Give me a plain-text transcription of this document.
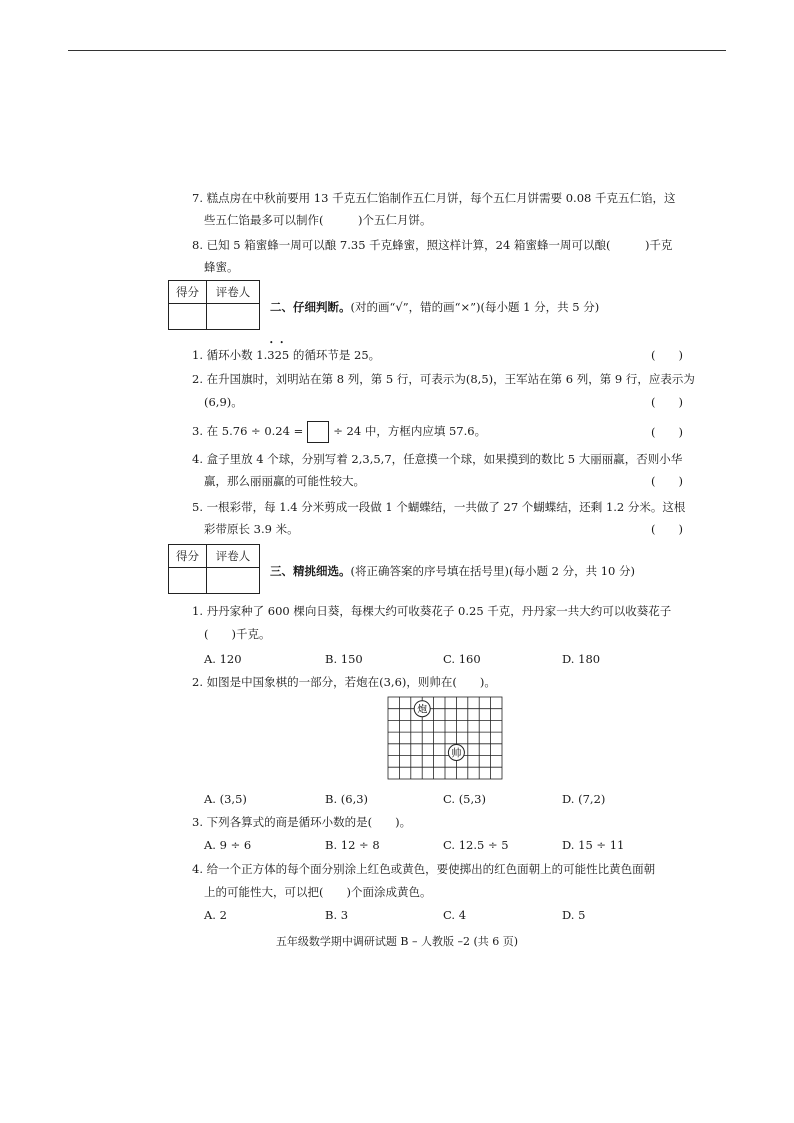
7. 糕点房在中秋前要用 13 千克五仁馅制作五仁月饼，每个五仁月饼需要 0.08 千克五仁馅，这
些五仁馅最多可以制作(　　　)个五仁月饼。
8. 已知 5 箱蜜蜂一周可以酿 7.35 千克蜂蜜，照这样计算，24 箱蜜蜂一周可以酿(　　　)千克
蜂蜜。
得分	评卷人
二、仔细判断。(对的画“√”，错的画“×”)(每小题 1 分，共 5 分)
1. 循环小数 1.• • 325 的循环节是 25。	(　　)
2. 在升国旗时，刘明站在第 8 列，第 5 行，可表示为(8,5)，王军站在第 6 列，第 9 行，应表示为
(6,9)。	(　　)
3. 在 5.76 ÷ 0.24 =	÷ 24 中，方框内应填 57.6。	(　　)
4. 盒子里放 4 个球，分别写着 2,3,5,7，任意摸一个球，如果摸到的数比 5 大丽丽赢，否则小华
赢，那么丽丽赢的可能性较大。	(　　)
5. 一根彩带，每 1.4 分米剪成一段做 1 个蝴蝶结，一共做了 27 个蝴蝶结，还剩 1.2 分米。这根
彩带原长 3.9 米。	(　　)
得分	评卷人
三、精挑细选。(将正确答案的序号填在括号里)(每小题 2 分，共 10 分)
1. 丹丹家种了 600 棵向日葵，每棵大约可收葵花子 0.25 千克，丹丹家一共大约可以收葵花子
(　　)千克。
A. 120	B. 150	C. 160	D. 180
2. 如图是中国象棋的一部分，若炮在(3,6)，则帅在(　　)。
炮
帅
A. (3,5)	B. (6,3)	C. (5,3)	D. (7,2)
3. 下列各算式的商是循环小数的是(　　)。
A. 9 ÷ 6	B. 12 ÷ 8	C. 12.5 ÷ 5	D. 15 ÷ 11
4. 给一个正方体的每个面分别涂上红色或黄色，要使掷出的红色面朝上的可能性比黄色面朝
上的可能性大，可以把(　　)个面涂成黄色。
A. 2	B. 3	C. 4	D. 5
五年级数学期中调研试题 B – 人教版 –2 (共 6 页)
